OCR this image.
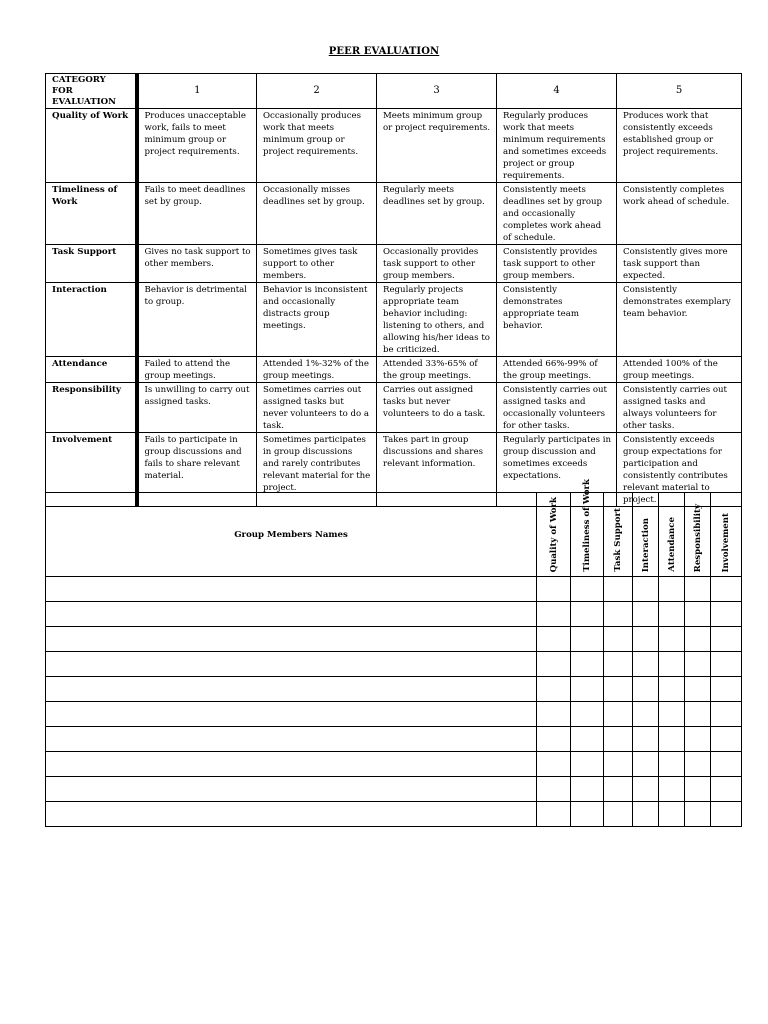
PEER EVALUATION
CATEGORY FOR EVALUATION	1	2	3	4	5
Quality of Work	Produces unacceptable work, fails to meet minimum group or project requirements.	Occasionally produces work that meets minimum group or project requirements.	Meets minimum group or project requirements.	Regularly produces work that meets minimum requirements and sometimes exceeds project or group requirements.	Produces work that consistently exceeds established group or project requirements.
Timeliness of Work	Fails to meet deadlines set by group.	Occasionally misses deadlines set by group.	Regularly meets deadlines set by group.	Consistently meets deadlines set by group and occasionally completes work ahead of schedule.	Consistently completes work ahead of schedule.
Task Support	Gives no task support to other members.	Sometimes gives task support to other members.	Occasionally provides task support to other group members.	Consistently provides task support to other group members.	Consistently gives more task support than expected.
Interaction	Behavior is detrimental to group.	Behavior is inconsistent and occasionally distracts group meetings.	Regularly projects appropriate team behavior including: listening to others, and allowing his/her ideas to be criticized.	Consistently demonstrates appropriate team behavior.	Consistently demonstrates exemplary team behavior.
Attendance	Failed to attend the group meetings.	Attended 1%-32% of the group meetings.	Attended 33%-65% of the group meetings.	Attended 66%-99% of the group meetings.	Attended 100% of the group meetings.
Responsibility	Is unwilling to carry out assigned tasks.	Sometimes carries out assigned tasks but never volunteers to do a task.	Carries out assigned tasks but never volunteers to do a task.	Consistently carries out assigned tasks and occasionally volunteers for other tasks.	Consistently carries out assigned tasks and always volunteers for other tasks.
Involvement	Fails to participate in group discussions and fails to share relevant material.	Sometimes participates in group discussions and rarely contributes relevant material for the project.	Takes part in group discussions and shares relevant information.	Regularly participates in group discussion and sometimes exceeds expectations.	Consistently exceeds group expectations for participation and consistently contributes relevant material to project.
Group Members Names	Quality of Work	Timeliness of Work	Task Support	Interaction	Attendance	Responsibility	Involvement
